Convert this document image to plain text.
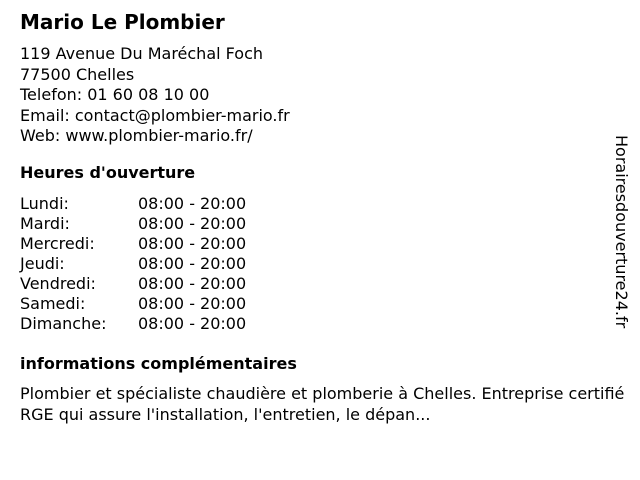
Mario Le Plombier
119 Avenue Du Maréchal Foch
77500 Chelles
Telefon: 01 60 08 10 00
Email: contact@plombier-mario.fr
Web: www.plombier-mario.fr/
Heures d'ouverture
Lundi:	08:00 - 20:00
Mardi:	08:00 - 20:00
Mercredi:	08:00 - 20:00
Jeudi:	08:00 - 20:00
Vendredi:	08:00 - 20:00
Samedi:	08:00 - 20:00
Dimanche: 08:00 - 20:00
informations complémentaires
Plombier et spécialiste chaudière et plomberie à Chelles. Entreprise certifié RGE qui assure l'installation, l'entretien, le dépan...
Horairesdouverture24.fr
